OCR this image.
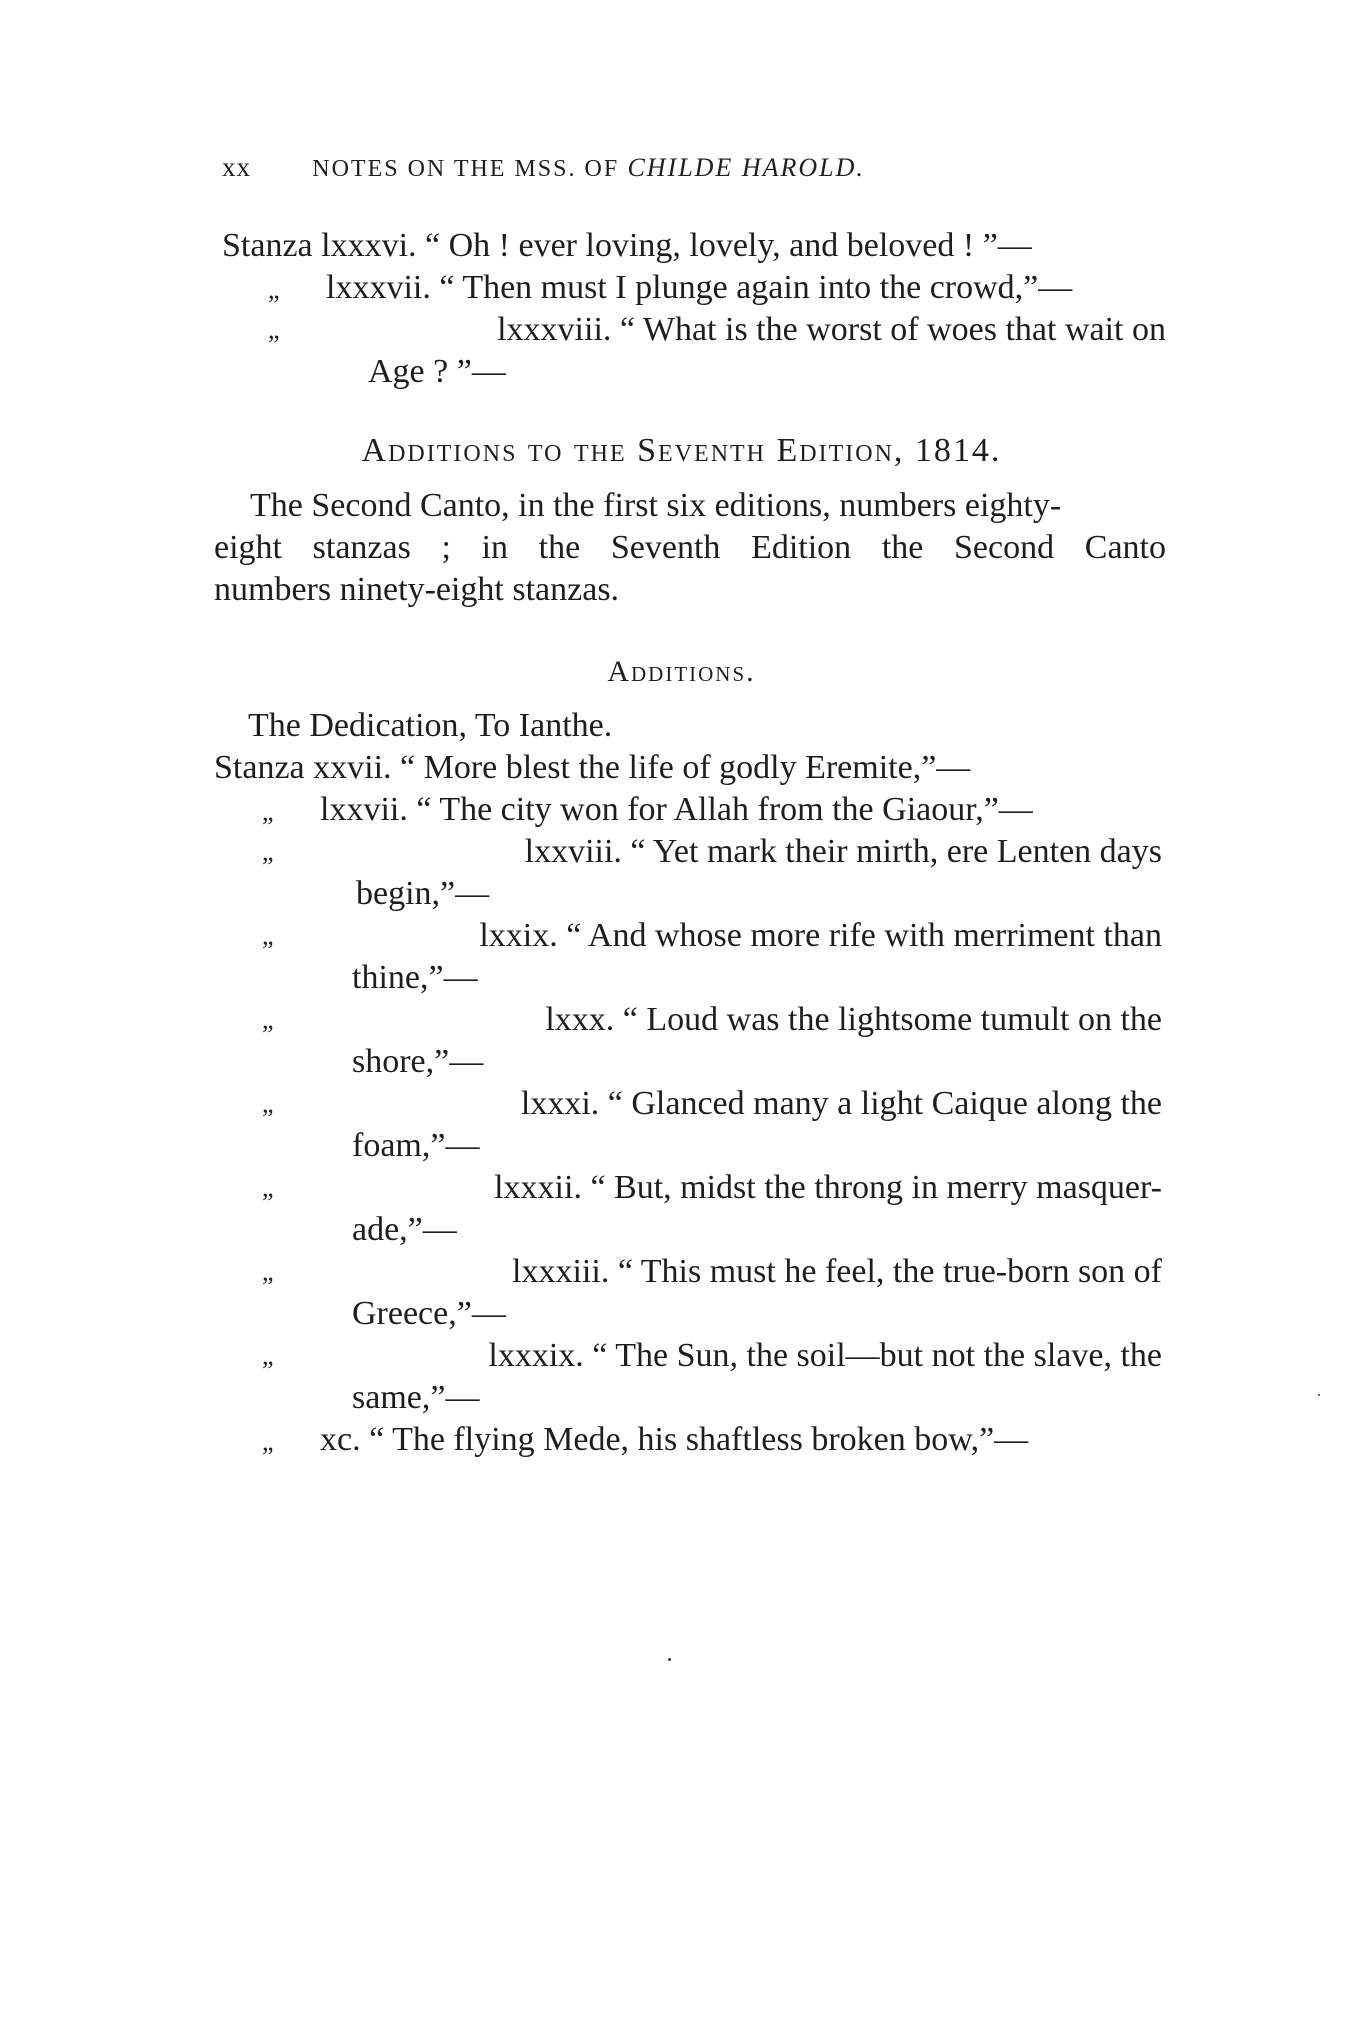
xx	NOTES ON THE MSS. OF CHILDE HAROLD.
Stanza lxxxvi. “ Oh ! ever loving, lovely, and beloved ! ”—
„ lxxxvii. “ Then must I plunge again into the crowd,”—
„	lxxxviii. “ What is the worst of woes that wait on
Age ? ”—
Additions to the Seventh Edition, 1814.
The Second Canto, in the first six editions, numbers eighty-
eight stanzas ; in the Seventh Edition the Second Canto
numbers ninety-eight stanzas.
Additions.
The Dedication, To Ianthe.
Stanza xxvii. “ More blest the life of godly Eremite,”—
„ lxxvii. “ The city won for Allah from the Giaour,”—
„	lxxviii. “ Yet mark their mirth, ere Lenten days
begin,”—
„	lxxix. “ And whose more rife with merriment than
thine,”—
„	lxxx. “ Loud was the lightsome tumult on the
shore,”—
„	lxxxi. “ Glanced many a light Caique along the
foam,”—
„	lxxxii. “ But, midst the throng in merry masquer-
ade,”—
„	lxxxiii. “ This must he feel, the true-born son of
Greece,”—
„	lxxxix. “ The Sun, the soil—but not the slave, the
same,”—
„ xc. “ The flying Mede, his shaftless broken bow,”—
